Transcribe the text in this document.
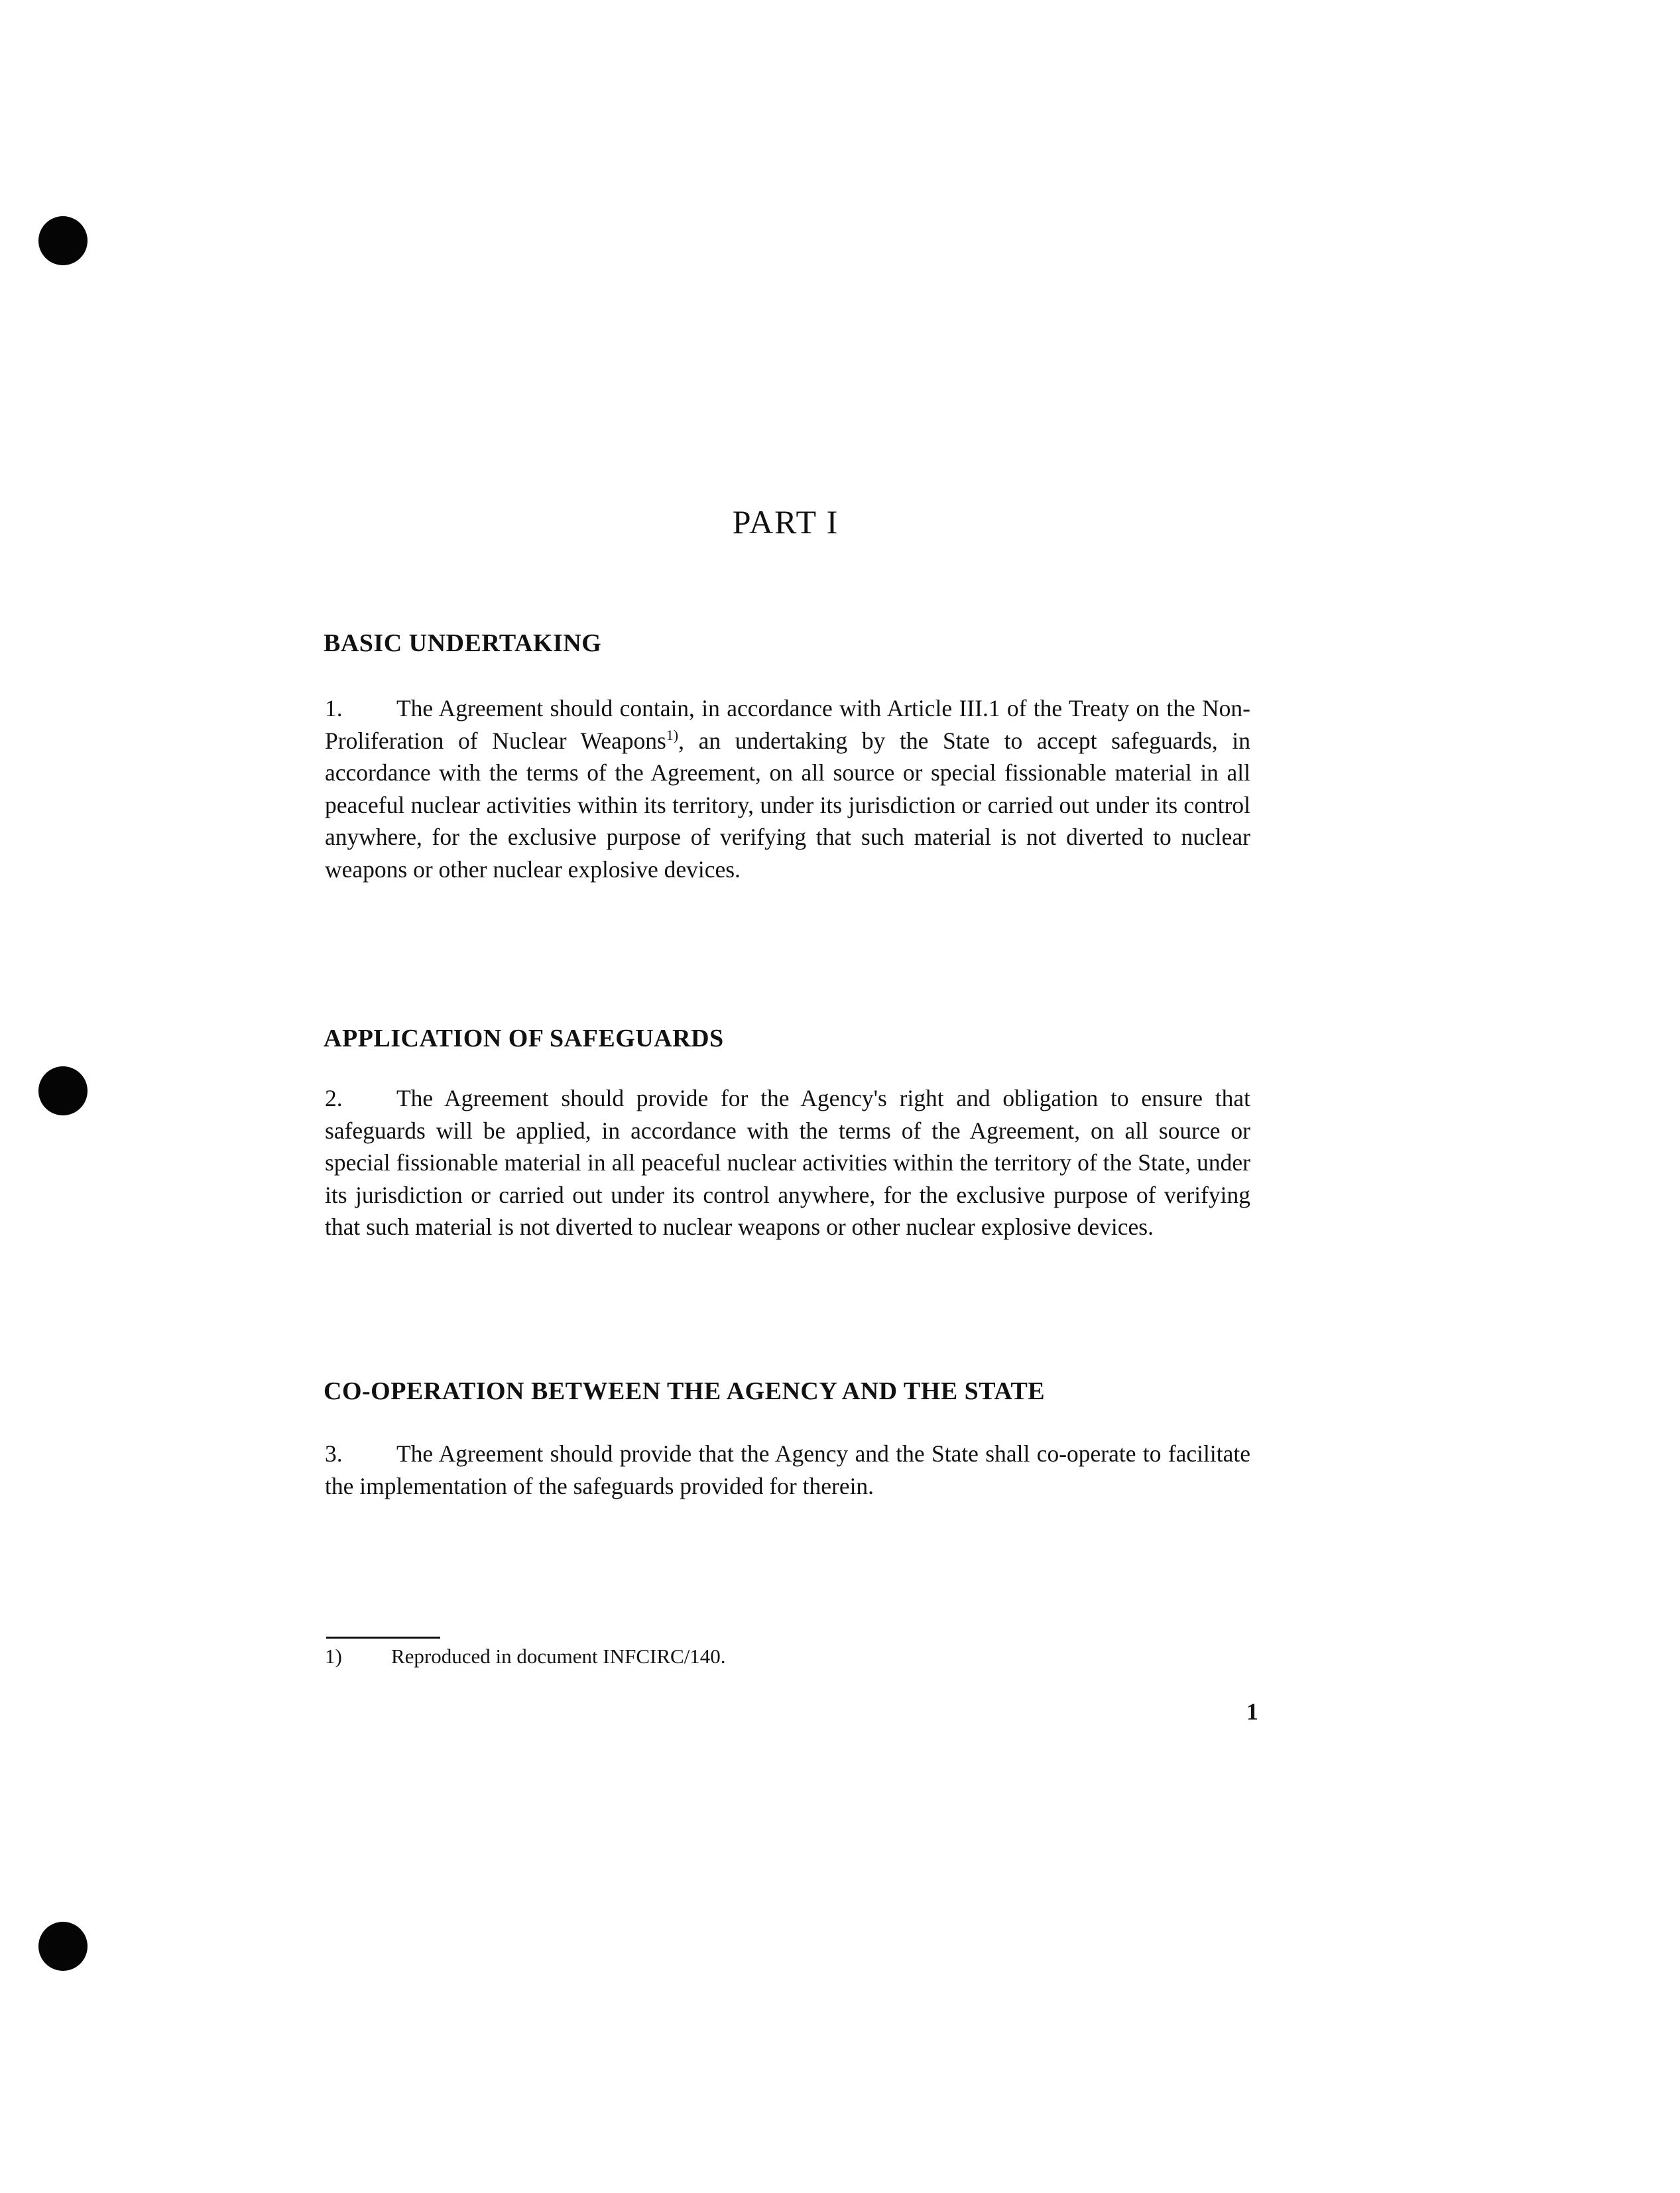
PART I
BASIC UNDERTAKING
1. The Agreement should contain, in accordance with Article III.1 of the Treaty on the Non-Proliferation of Nuclear Weapons$^{1)}$, an undertaking by the State to accept safeguards, in accordance with the terms of the Agreement, on all source or special fissionable material in all peaceful nuclear activities within its territory, under its jurisdiction or carried out under its control anywhere, for the exclusive purpose of verifying that such material is not diverted to nuclear weapons or other nuclear explosive devices.
APPLICATION OF SAFEGUARDS
2. The Agreement should provide for the Agency's right and obligation to ensure that safeguards will be applied, in accordance with the terms of the Agreement, on all source or special fissionable material in all peaceful nuclear activities within the territory of the State, under its jurisdiction or carried out under its control anywhere, for the exclusive purpose of verifying that such material is not diverted to nuclear weapons or other nuclear explosive devices.
CO-OPERATION BETWEEN THE AGENCY AND THE STATE
3. The Agreement should provide that the Agency and the State shall co-operate to facilitate the implementation of the safeguards provided for therein.
1) Reproduced in document INFCIRC/140.
1
